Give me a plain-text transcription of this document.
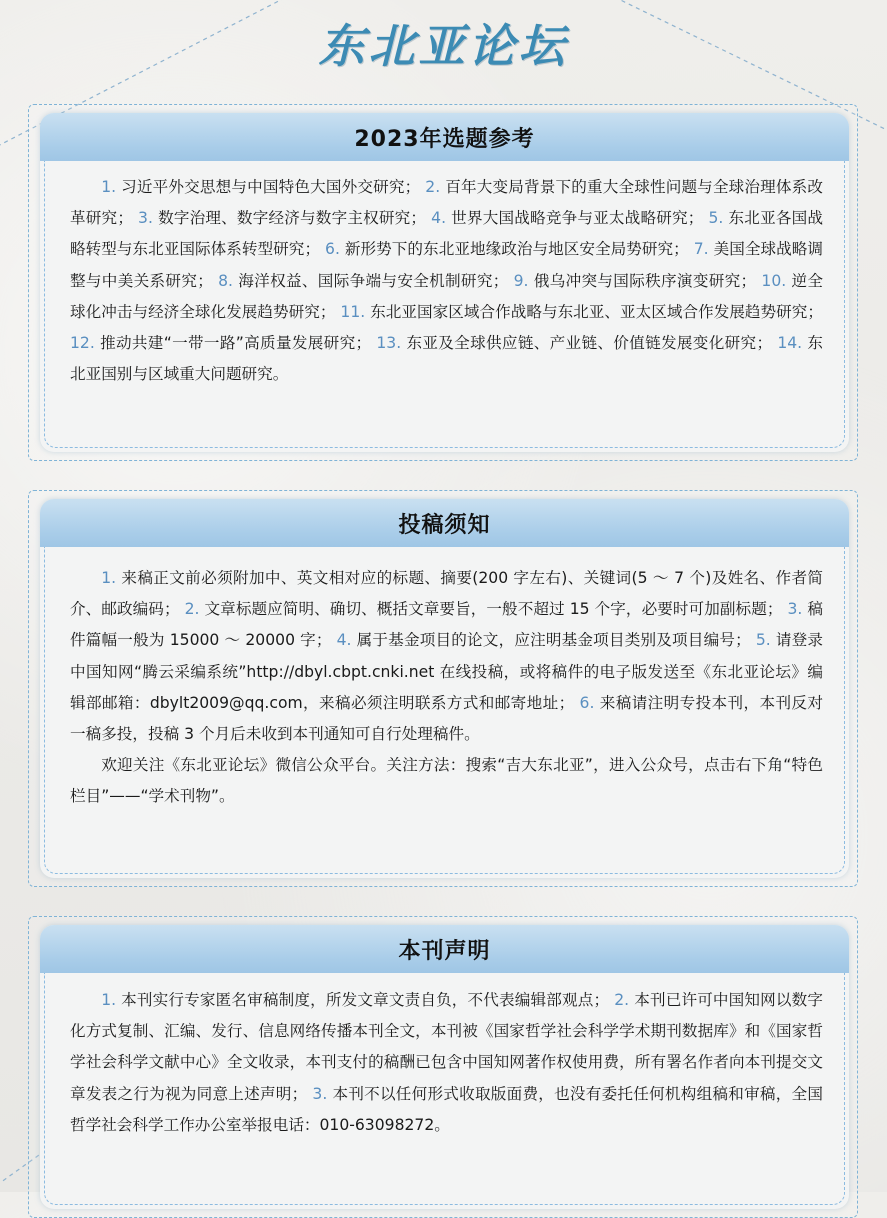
东北亚论坛
2023年选题参考

1. 习近平外交思想与中国特色大国外交研究； 2. 百年大变局背景下的重大全球性问题与全球治理体系改革研究； 3. 数字治理、数字经济与数字主权研究； 4. 世界大国战略竞争与亚太战略研究； 5. 东北亚各国战略转型与东北亚国际体系转型研究； 6. 新形势下的东北亚地缘政治与地区安全局势研究； 7. 美国全球战略调整与中美关系研究； 8. 海洋权益、国际争端与安全机制研究； 9. 俄乌冲突与国际秩序演变研究； 10. 逆全球化冲击与经济全球化发展趋势研究； 11. 东北亚国家区域合作战略与东北亚、亚太区域合作发展趋势研究； 12. 推动共建“一带一路”高质量发展研究； 13. 东亚及全球供应链、产业链、价值链发展变化研究； 14. 东北亚国别与区域重大问题研究。

投稿须知

1. 来稿正文前必须附加中、英文相对应的标题、摘要(200 字左右)、关键词(5 ～ 7 个)及姓名、作者简介、邮政编码； 2. 文章标题应简明、确切、概括文章要旨，一般不超过 15 个字，必要时可加副标题； 3. 稿件篇幅一般为 15000 ～ 20000 字； 4. 属于基金项目的论文，应注明基金项目类别及项目编号； 5. 请登录中国知网“腾云采编系统”http://dbyl.cbpt.cnki.net 在线投稿，或将稿件的电子版发送至《东北亚论坛》编辑部邮箱：dbylt2009@qq.com，来稿必须注明联系方式和邮寄地址； 6. 来稿请注明专投本刊，本刊反对一稿多投，投稿 3 个月后未收到本刊通知可自行处理稿件。

欢迎关注《东北亚论坛》微信公众平台。关注方法：搜索“吉大东北亚”，进入公众号，点击右下角“特色栏目”——“学术刊物”。

本刊声明

1. 本刊实行专家匿名审稿制度，所发文章文责自负，不代表编辑部观点； 2. 本刊已许可中国知网以数字化方式复制、汇编、发行、信息网络传播本刊全文，本刊被《国家哲学社会科学学术期刊数据库》和《国家哲学社会科学文献中心》全文收录，本刊支付的稿酬已包含中国知网著作权使用费，所有署名作者向本刊提交文章发表之行为视为同意上述声明； 3. 本刊不以任何形式收取版面费，也没有委托任何机构组稿和审稿，全国哲学社会科学工作办公室举报电话：010-63098272。
